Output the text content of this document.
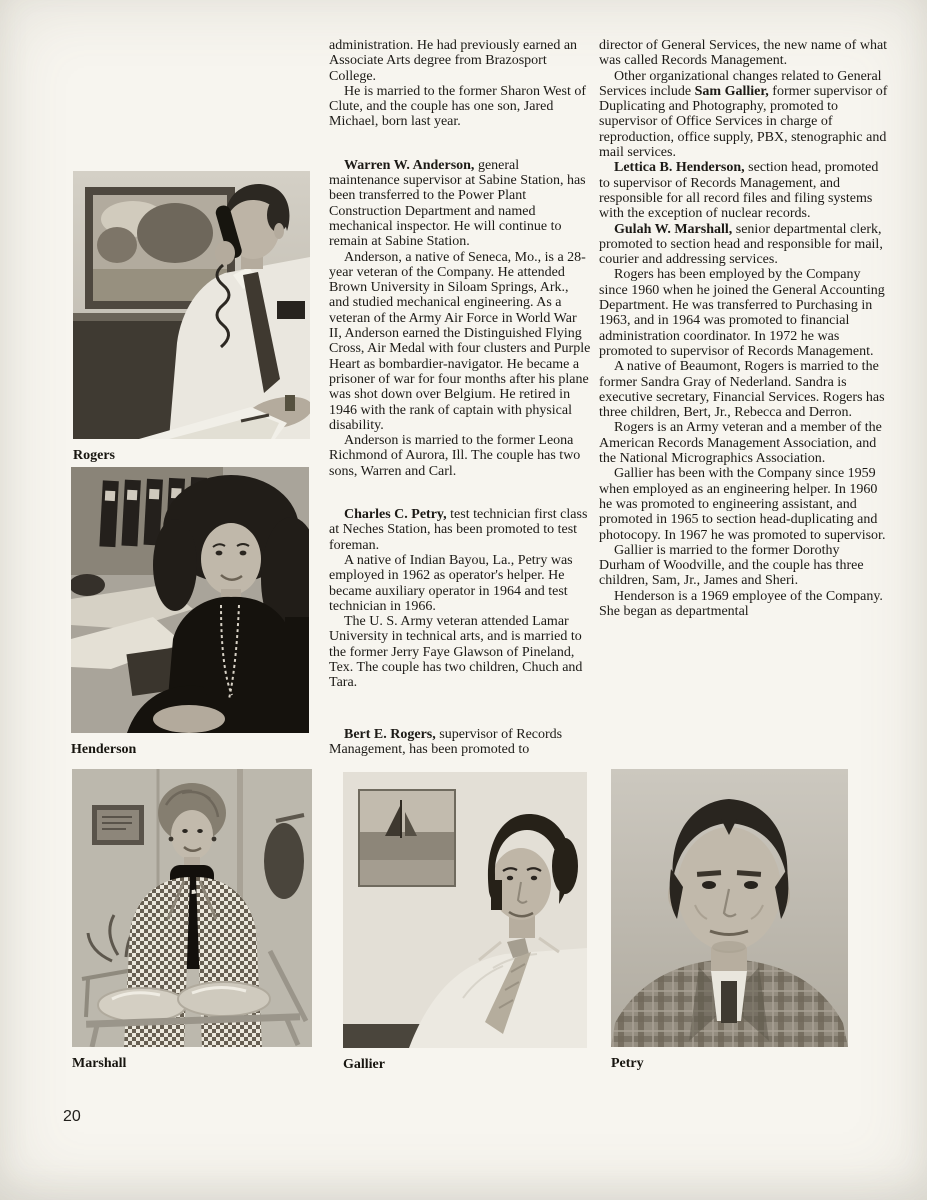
administration. He had previously earned an Associate Arts degree from Brazosport College.

He is married to the former Sharon West of Clute, and the couple has one son, Jared Michael, born last year.

Warren W. Anderson, general maintenance supervisor at Sabine Station, has been transferred to the Power Plant Construction Department and named mechanical inspector. He will continue to remain at Sabine Station.

Anderson, a native of Seneca, Mo., is a 28-year veteran of the Company. He attended Brown University in Siloam Springs, Ark., and studied mechanical engineering. As a veteran of the Army Air Force in World War II, Anderson earned the Distinguished Flying Cross, Air Medal with four clusters and Purple Heart as bombardier-navigator. He became a prisoner of war for four months after his plane was shot down over Belgium. He retired in 1946 with the rank of captain with physical disability.

Anderson is married to the former Leona Richmond of Aurora, Ill. The couple has two sons, Warren and Carl.

Charles C. Petry, test technician first class at Neches Station, has been promoted to test foreman.

A native of Indian Bayou, La., Petry was employed in 1962 as operator's helper. He became auxiliary operator in 1964 and test technician in 1966.

The U. S. Army veteran attended Lamar University in technical arts, and is married to the former Jerry Faye Glawson of Pineland, Tex. The couple has two children, Chuch and Tara.

Bert E. Rogers, supervisor of Records Management, has been promoted to

director of General Services, the new name of what was called Records Management.

Other organizational changes related to General Services include Sam Gallier, former supervisor of Duplicating and Photography, promoted to supervisor of Office Services in charge of reproduction, office supply, PBX, stenographic and mail services.

Lettica B. Henderson, section head, promoted to supervisor of Records Management, and responsible for all record files and filing systems with the exception of nuclear records.

Gulah W. Marshall, senior departmental clerk, promoted to section head and responsible for mail, courier and addressing services.

Rogers has been employed by the Company since 1960 when he joined the General Accounting Department. He was transferred to Purchasing in 1963, and in 1964 was promoted to financial administration coordinator. In 1972 he was promoted to supervisor of Records Management.

A native of Beaumont, Rogers is married to the former Sandra Gray of Nederland. Sandra is executive secretary, Financial Services. Rogers has three children, Bert, Jr., Rebecca and Derron.

Rogers is an Army veteran and a member of the American Records Management Association, and the National Micrographics Association.

Gallier has been with the Company since 1959 when employed as an engineering helper. In 1960 he was promoted to engineering assistant, and promoted in 1965 to section head-duplicating and photocopy. In 1967 he was promoted to supervisor.

Gallier is married to the former Dorothy Durham of Woodville, and the couple has three children, Sam, Jr., James and Sheri.

Henderson is a 1969 employee of the Company. She began as departmental

Rogers
Henderson
Marshall	Gallier	Petry
20
